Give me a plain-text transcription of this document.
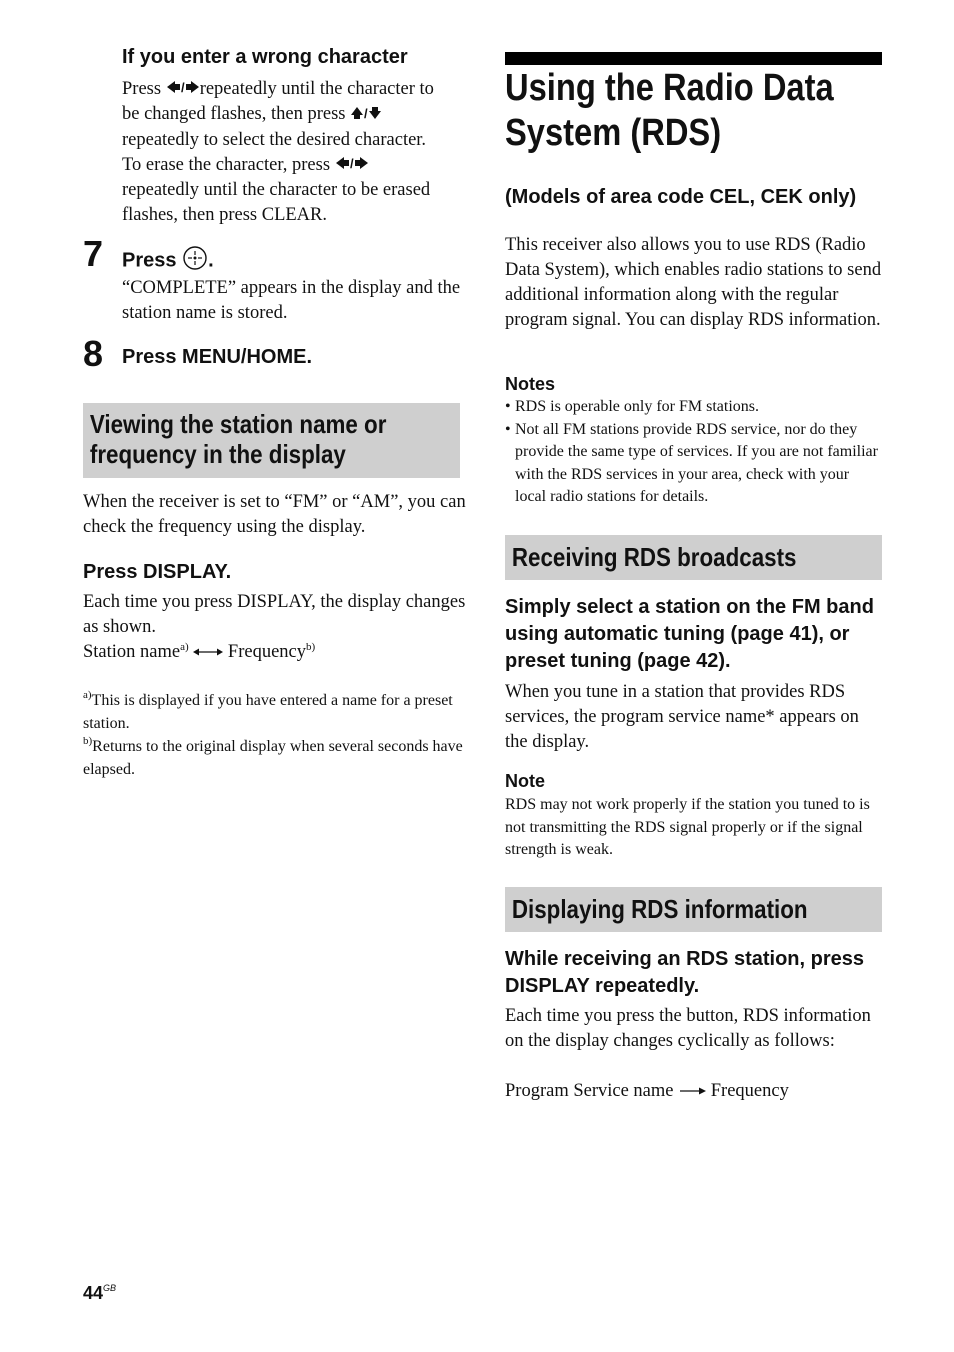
If you enter a wrong character
Press / repeatedly until the character to
be changed flashes, then press /
repeatedly to select the desired character.
To erase the character, press /
repeatedly until the character to be erased
flashes, then press CLEAR.
7 Press .
“COMPLETE” appears in the display and the station name is stored.
8 Press MENU/HOME.
Viewing the station name or
frequency in the display
When the receiver is set to “FM” or “AM”, you can check the frequency using the display.
Press DISPLAY.
Each time you press DISPLAY, the display changes as shown.
Station name$^{a)}$ Frequency$^{b)}$
$^{a)}$This is displayed if you have entered a name for a preset station.
$^{b)}$Returns to the original display when several seconds have elapsed.
Using the Radio Data
System (RDS)
(Models of area code CEL, CEK only)
This receiver also allows you to use RDS (Radio Data System), which enables radio stations to send additional information along with the regular program signal. You can display RDS information.
Notes
• RDS is operable only for FM stations.
• Not all FM stations provide RDS service, nor do they provide the same type of services. If you are not familiar with the RDS services in your area, check with your local radio stations for details.
Receiving RDS broadcasts
Simply select a station on the FM band using automatic tuning (page 41), or preset tuning (page 42).
When you tune in a station that provides RDS services, the program service name* appears on the display.
Note
RDS may not work properly if the station you tuned to is not transmitting the RDS signal properly or if the signal strength is weak.
Displaying RDS information
While receiving an RDS station, press DISPLAY repeatedly.
Each time you press the button, RDS information on the display changes cyclically as follows:
Program Service name Frequency
$44^{GB}$
